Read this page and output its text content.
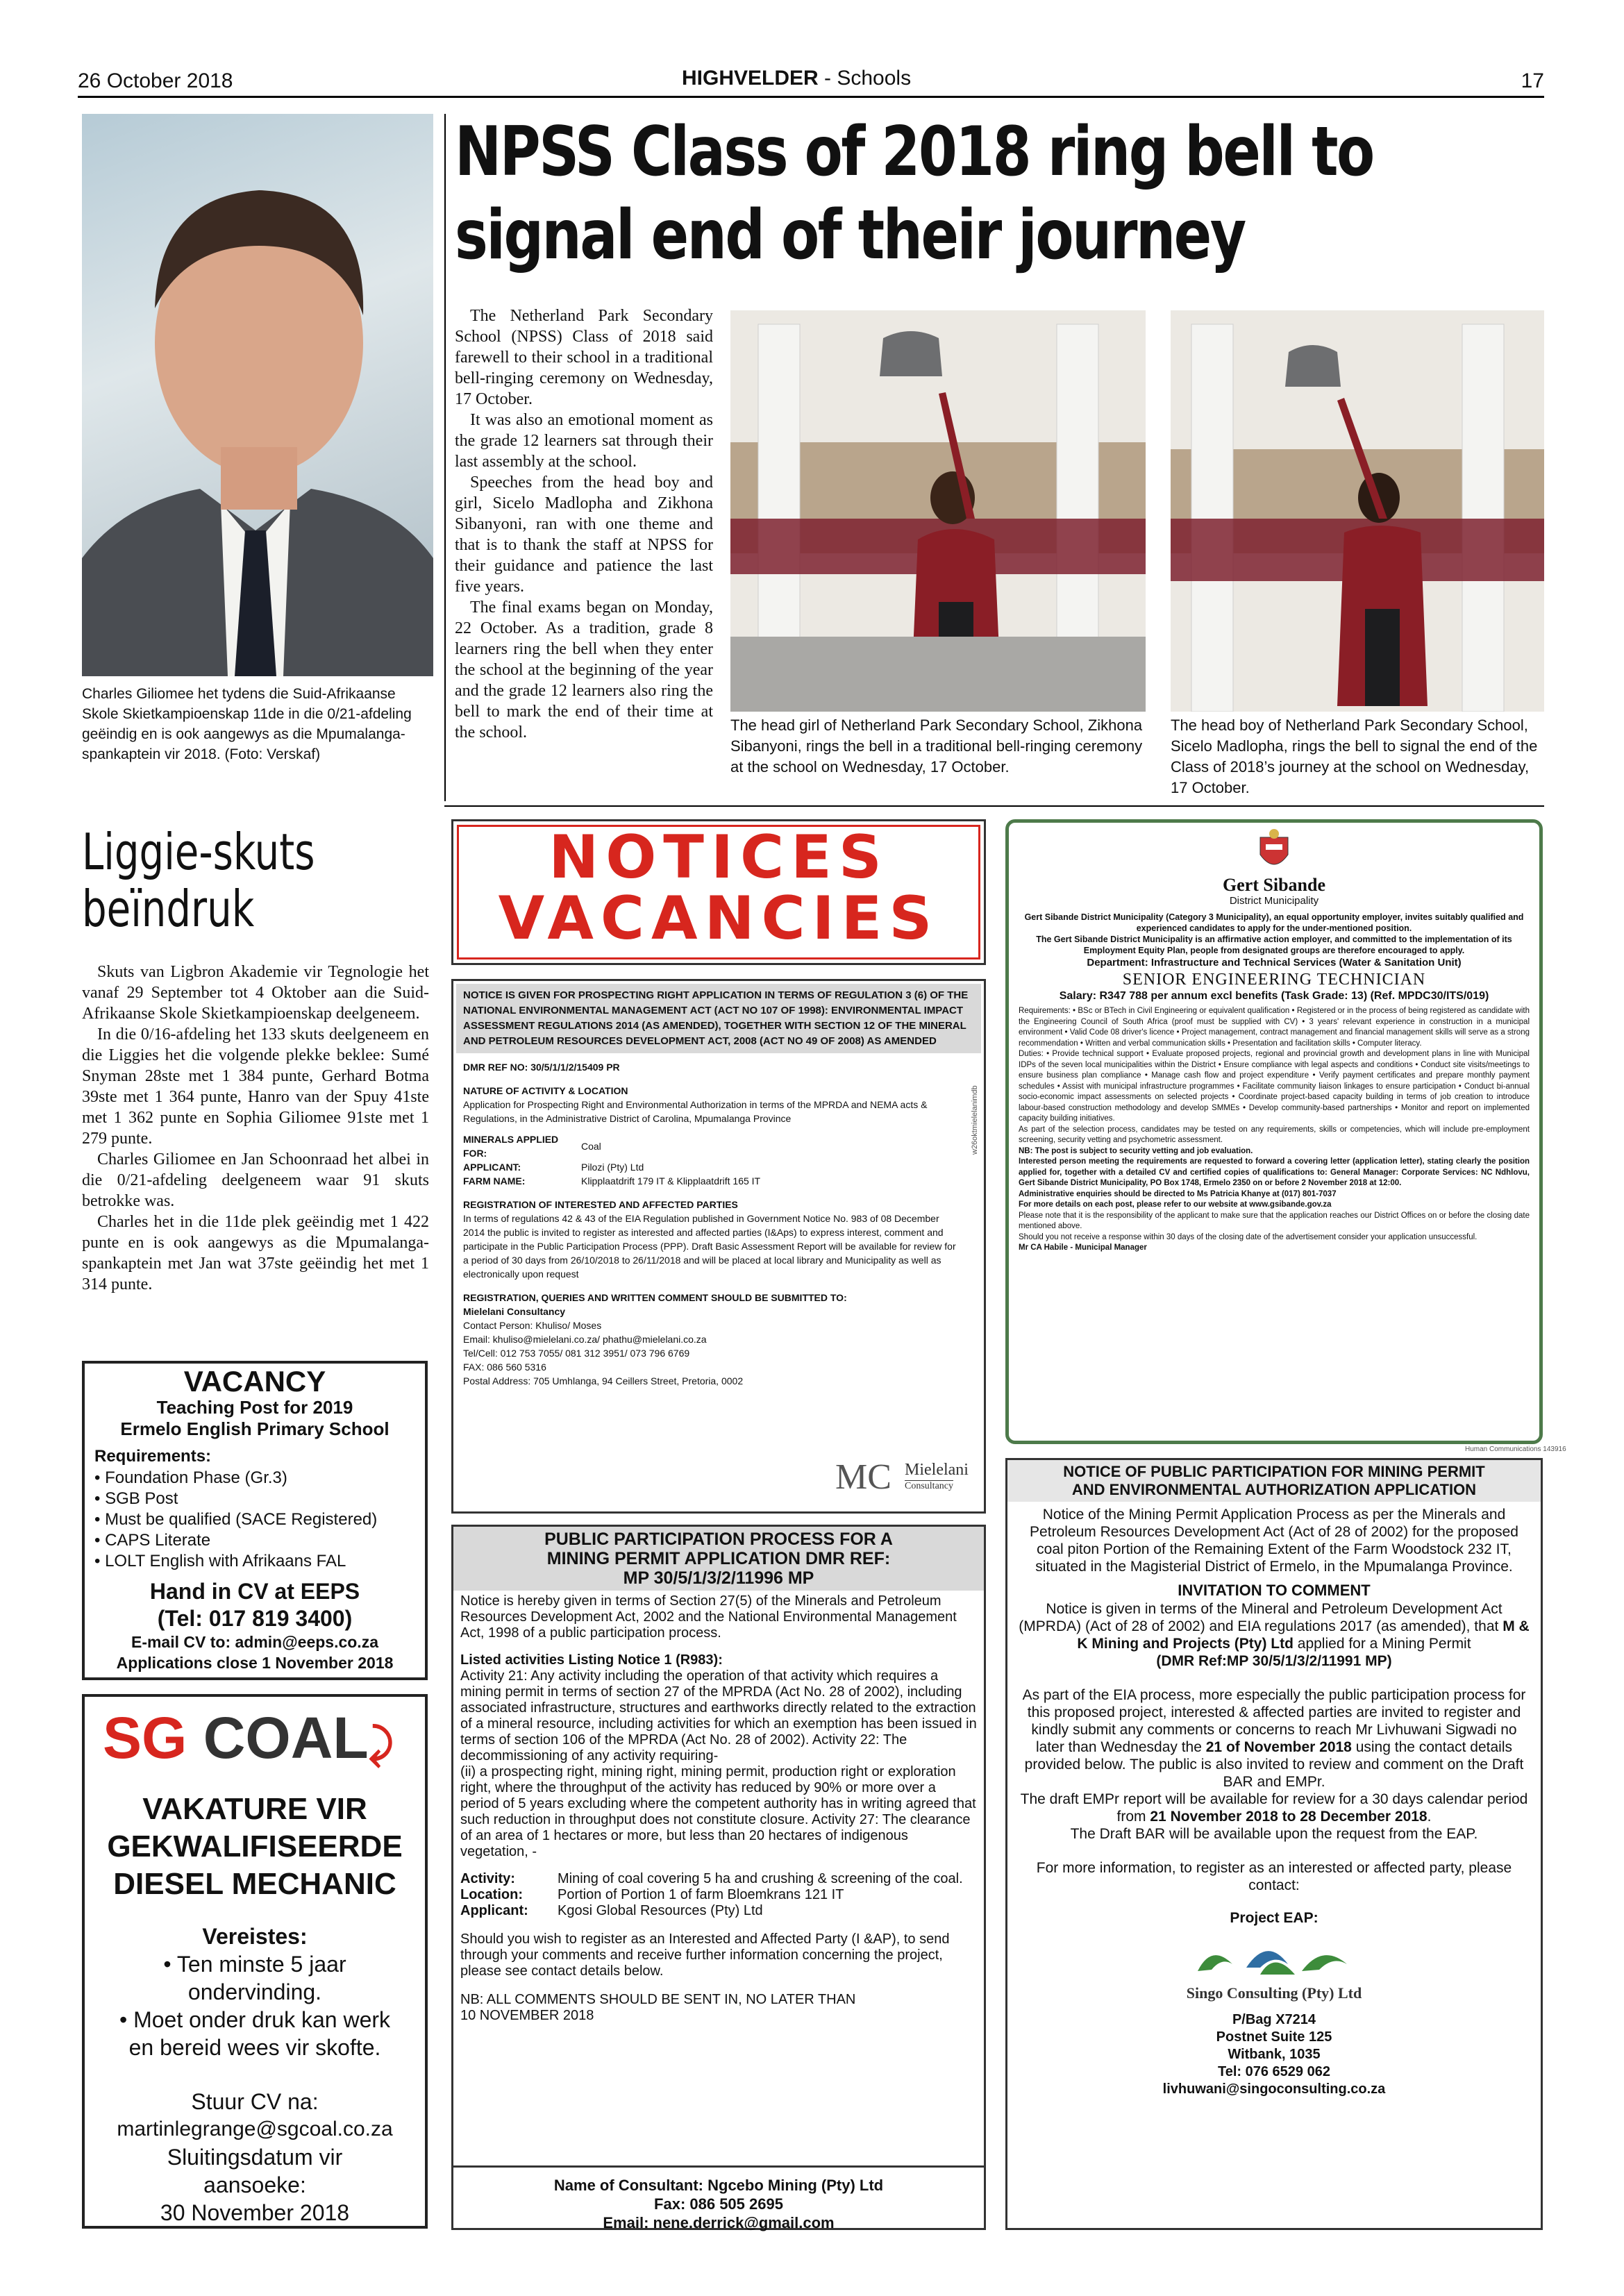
26 October 2018	HIGHVELDER - Schools	17
Charles Giliomee het tydens die Suid-Afrikaanse Skole Skietkampioenskap 11de in die 0/21-afdeling geëindig en is ook aangewys as die Mpumalanga-spankaptein vir 2018. (Foto: Verskaf)
NPSS Class of 2018 ring bell to
signal end of their journey

The Netherland Park Secondary School (NPSS) Class of 2018 said farewell to their school in a traditional bell-ringing ceremony on Wednesday, 17 October.

It was also an emotional moment as the grade 12 learners sat through their last assembly at the school.

Speeches from the head boy and girl, Sicelo Madlopha and Zikhona Sibanyoni, ran with one theme and that is to thank the staff at NPSS for their guidance and patience the last five years.

The final exams began on Monday, 22 October. As a tradition, grade 8 learners ring the bell when they enter the school at the beginning of the year and the grade 12 learners also ring the bell to mark the end of their time at the school.	The head girl of Netherland Park Secondary School, Zikhona Sibanyoni, rings the bell in a traditional bell-ringing ceremony at the school on Wednesday, 17 October.
The head boy of Netherland Park Secondary School, Sicelo Madlopha, rings the bell to signal the end of the Class of 2018’s journey at the school on Wednesday, 17 October.
Liggie-skuts
beïndruk

Skuts van Ligbron Akademie vir Tegnologie het vanaf 29 September tot 4 Oktober aan die Suid-Afrikaanse Skole Skietkampioenskap deelgeneem.

In die 0/16-afdeling het 133 skuts deelgeneem en die Liggies het die volgende plekke beklee: Sumé Snyman 28ste met 1 384 punte, Gerhard Botma 39ste met 1 364 punte, Hanro van der Spuy 41ste met 1 362 punte en Sophia Giliomee 91ste met 1 279 punte.

Charles Giliomee en Jan Schoonraad het albei in die 0/21-afdeling deelgeneem waar 91 skuts betrokke was.

Charles het in die 11de plek geëindig met 1 422 punte en is ook aangewys as die Mpumalanga-spankaptein met Jan wat 37ste geëindig het met 1 314 punte.

VACANCY
Teaching Post for 2019
Ermelo English Primary School
Requirements:
• Foundation Phase (Gr.3)
• SGB Post
• Must be qualified (SACE Registered)
• CAPS Literate
• LOLT English with Afrikaans FAL
Hand in CV at EEPS
(Tel: 017 819 3400)
E-mail CV to: admin@eeps.co.za
Applications close 1 November 2018
SG COAL⤸
VAKATURE VIR
GEKWALIFISEERDE
DIESEL MECHANIC
Vereistes:
• Ten minste 5 jaar
ondervinding.
• Moet onder druk kan werk
en bereid wees vir skofte.
Stuur CV na:
martinlegrange@sgcoal.co.za
Sluitingsdatum vir
aansoeke:
30 November 2018
NOTICES
VACANCIES
NOTICE IS GIVEN FOR PROSPECTING RIGHT APPLICATION IN TERMS OF REGULATION 3 (6) OF THE NATIONAL ENVIRONMENTAL MANAGEMENT ACT (ACT NO 107 OF 1998): ENVIRONMENTAL IMPACT ASSESSMENT REGULATIONS 2014 (AS AMENDED), TOGETHER WITH SECTION 12 OF THE MINERAL AND PETROLEUM RESOURCES DEVELOPMENT ACT, 2008 (ACT NO 49 OF 2008) AS AMENDED
DMR REF NO: 30/5/1/1/2/15409 PR
NATURE OF ACTIVITY & LOCATION
Application for Prospecting Right and Environmental Authorization in terms of the MPRDA and NEMA acts & Regulations, in the Administrative District of Carolina, Mpumalanga Province
MINERALS APPLIED FOR:	Coal
APPLICANT:	Pilozi (Pty) Ltd
FARM NAME:	Klipplaatdrift 179 IT & Klipplaatdrift 165 IT
REGISTRATION OF INTERESTED AND AFFECTED PARTIES
In terms of regulations 42 & 43 of the EIA Regulation published in Government Notice No. 983 of 08 December 2014 the public is invited to register as interested and affected parties (I&Aps) to express interest, comment and participate in the Public Participation Process (PPP). Draft Basic Assessment Report will be available for review for a period of 30 days from 26/10/2018 to 26/11/2018 and will be placed at local library and Municipality as well as electronically upon request
REGISTRATION, QUERIES AND WRITTEN COMMENT SHOULD BE SUBMITTED TO:
Mielelani Consultancy
Contact Person: Khuliso/ Moses
Email: khuliso@mielelani.co.za/ phathu@mielelani.co.za
Tel/Cell: 012 753 7055/ 081 312 3951/ 073 796 6769
FAX: 086 560 5316
Postal Address: 705 Umhlanga, 94 Ceillers Street, Pretoria, 0002
MC Mielelani
Consultancy
w26oktmielelanimdb
PUBLIC PARTICIPATION PROCESS FOR A
MINING PERMIT APPLICATION DMR REF:
MP 30/5/1/3/2/11996 MP
Notice is hereby given in terms of Section 27(5) of the Minerals and Petroleum Resources Development Act, 2002 and the National Environmental Management Act, 1998 of a public participation process.
Listed activities Listing Notice 1 (R983):
Activity 21: Any activity including the operation of that activity which requires a mining permit in terms of section 27 of the MPRDA (Act No. 28 of 2002), including associated infrastructure, structures and earthworks directly related to the extraction of a mineral resource, including activities for which an exemption has been issued in terms of section 106 of the MPRDA (Act No. 28 of 2002). Activity 22: The decommissioning of any activity requiring-
(ii) a prospecting right, mining right, mining permit, production right or exploration right, where the throughput of the activity has reduced by 90% or more over a period of 5 years excluding where the competent authority has in writing agreed that such reduction in throughput does not constitute closure. Activity 27: The clearance of an area of 1 hectares or more, but less than 20 hectares of indigenous vegetation, -
Activity:	Mining of coal covering 5 ha and crushing & screening of the coal.
Location:	Portion of Portion 1 of farm Bloemkrans 121 IT
Applicant:	Kgosi Global Resources (Pty) Ltd
Should you wish to register as an Interested and Affected Party (I &AP), to send through your comments and receive further information concerning the project, please see contact details below.
NB: ALL COMMENTS SHOULD BE SENT IN, NO LATER THAN
10 NOVEMBER 2018
Name of Consultant: Ngcebo Mining (Pty) Ltd
Fax: 086 505 2695
Email: nene.derrick@gmail.com
Gert Sibande
District Municipality
Gert Sibande District Municipality (Category 3 Municipality), an equal opportunity employer, invites suitably qualified and experienced candidates to apply for the under-mentioned position.
The Gert Sibande District Municipality is an affirmative action employer, and committed to the implementation of its Employment Equity Plan, people from designated groups are therefore encouraged to apply.
Department: Infrastructure and Technical Services (Water & Sanitation Unit)
SENIOR ENGINEERING TECHNICIAN
Salary: R347 788 per annum excl benefits (Task Grade: 13) (Ref. MPDC30/ITS/019)
Requirements: • BSc or BTech in Civil Engineering or equivalent qualification • Registered or in the process of being registered as candidate with the Engineering Council of South Africa (proof must be supplied with CV) • 3 years' relevant experience in construction in a municipal environment • Valid Code 08 driver's licence • Project management, contract management and financial management skills will serve as a strong recommendation • Written and verbal communication skills • Presentation and facilitation skills • Computer literacy.
Duties: • Provide technical support • Evaluate proposed projects, regional and provincial growth and development plans in line with Municipal IDPs of the seven local municipalities within the District • Ensure compliance with legal aspects and conditions • Conduct site visits/meetings to ensure business plan compliance • Manage cash flow and project expenditure • Verify payment certificates and prepare monthly payment schedules • Assist with municipal infrastructure programmes • Facilitate community liaison linkages to ensure participation • Conduct bi-annual socio-economic impact assessments on selected projects • Coordinate project-based capacity building in terms of job creation to introduce labour-based construction methodology and develop SMMEs • Develop community-based partnerships • Monitor and report on implemented capacity building initiatives.
As part of the selection process, candidates may be tested on any requirements, skills or competencies, which will include pre-employment screening, security vetting and psychometric assessment.
NB: The post is subject to security vetting and job evaluation.
Interested person meeting the requirements are requested to forward a covering letter (application letter), stating clearly the position applied for, together with a detailed CV and certified copies of qualifications to: General Manager: Corporate Services: NC Ndhlovu, Gert Sibande District Municipality, PO Box 1748, Ermelo 2350 on or before 2 November 2018 at 12:00.
Administrative enquiries should be directed to Ms Patricia Khanye at (017) 801-7037
For more details on each post, please refer to our website at www.gsibande.gov.za
Please note that it is the responsibility of the applicant to make sure that the application reaches our District Offices on or before the closing date mentioned above.
Should you not receive a response within 30 days of the closing date of the advertisement consider your application unsuccessful.
Mr CA Habile - Municipal Manager
Human Communications 143916
NOTICE OF PUBLIC PARTICIPATION FOR MINING PERMIT
AND ENVIRONMENTAL AUTHORIZATION APPLICATION
Notice of the Mining Permit Application Process as per the Minerals and Petroleum Resources Development Act (Act of 28 of 2002) for the proposed coal piton Portion of the Remaining Extent of the Farm Woodstock 232 IT, situated in the Magisterial District of Ermelo, in the Mpumalanga Province.
INVITATION TO COMMENT
Notice is given in terms of the Mineral and Petroleum Development Act (MPRDA) (Act of 28 of 2002) and EIA regulations 2017 (as amended), that M & K Mining and Projects (Pty) Ltd applied for a Mining Permit
(DMR Ref:MP 30/5/1/3/2/11991 MP)
As part of the EIA process, more especially the public participation process for this proposed project, interested & affected parties are invited to register and kindly submit any comments or concerns to reach Mr Livhuwani Sigwadi no later than Wednesday the 21 of November 2018 using the contact details provided below. The public is also invited to review and comment on the Draft BAR and EMPr.
The draft EMPr report will be available for review for a 30 days calendar period from 21 November 2018 to 28 December 2018.
The Draft BAR will be available upon the request from the EAP.
For more information, to register as an interested or affected party, please contact:
Project EAP:
Singo Consulting (Pty) Ltd
P/Bag X7214
Postnet Suite 125
Witbank, 1035
Tel: 076 6529 062
livhuwani@singoconsulting.co.za
